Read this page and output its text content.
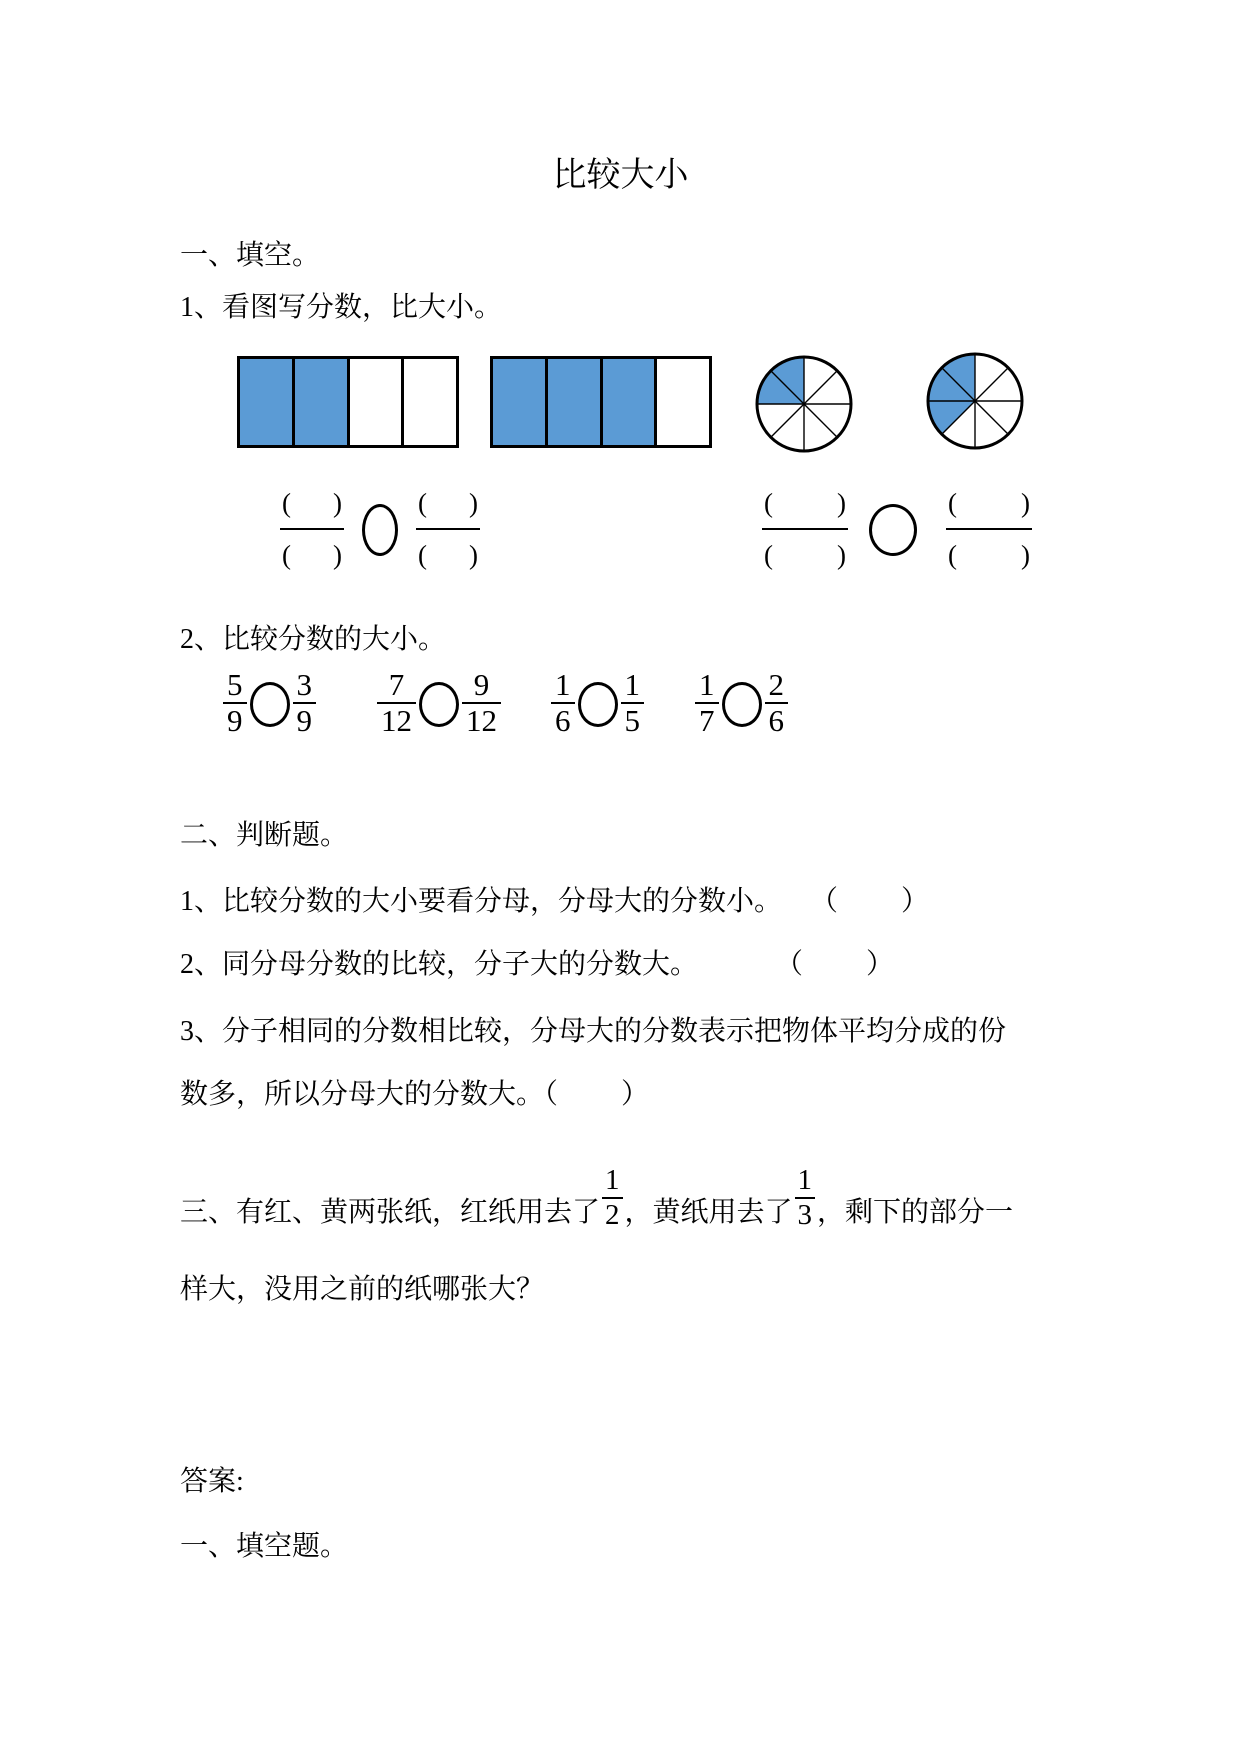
比较大小
一、填空。
1、看图写分数，比大小。
( )
( )
( )
( )
( )
( )
( )
( )
2、比较分数的大小。
$\frac{5}{9} \frac{3}{9} \frac{7}{12} \frac{9}{12} \frac{1}{6} \frac{1}{5} \frac{1}{7} \frac{2}{6}$
二、判断题。
1、比较分数的大小要看分母，分母大的分数小。    （         ）
2、同分母分数的比较，分子大的分数大。           （         ）
3、分子相同的分数相比较，分母大的分数表示把物体平均分成的份
数多，所以分母大的分数大。（         ）
三、有红、黄两张纸，红纸用去了 $\frac{1}{2}$ ，黄纸用去了 $\frac{1}{3}$ ，剩下的部分一
样大，没用之前的纸哪张大？
答案:
一、填空题。
